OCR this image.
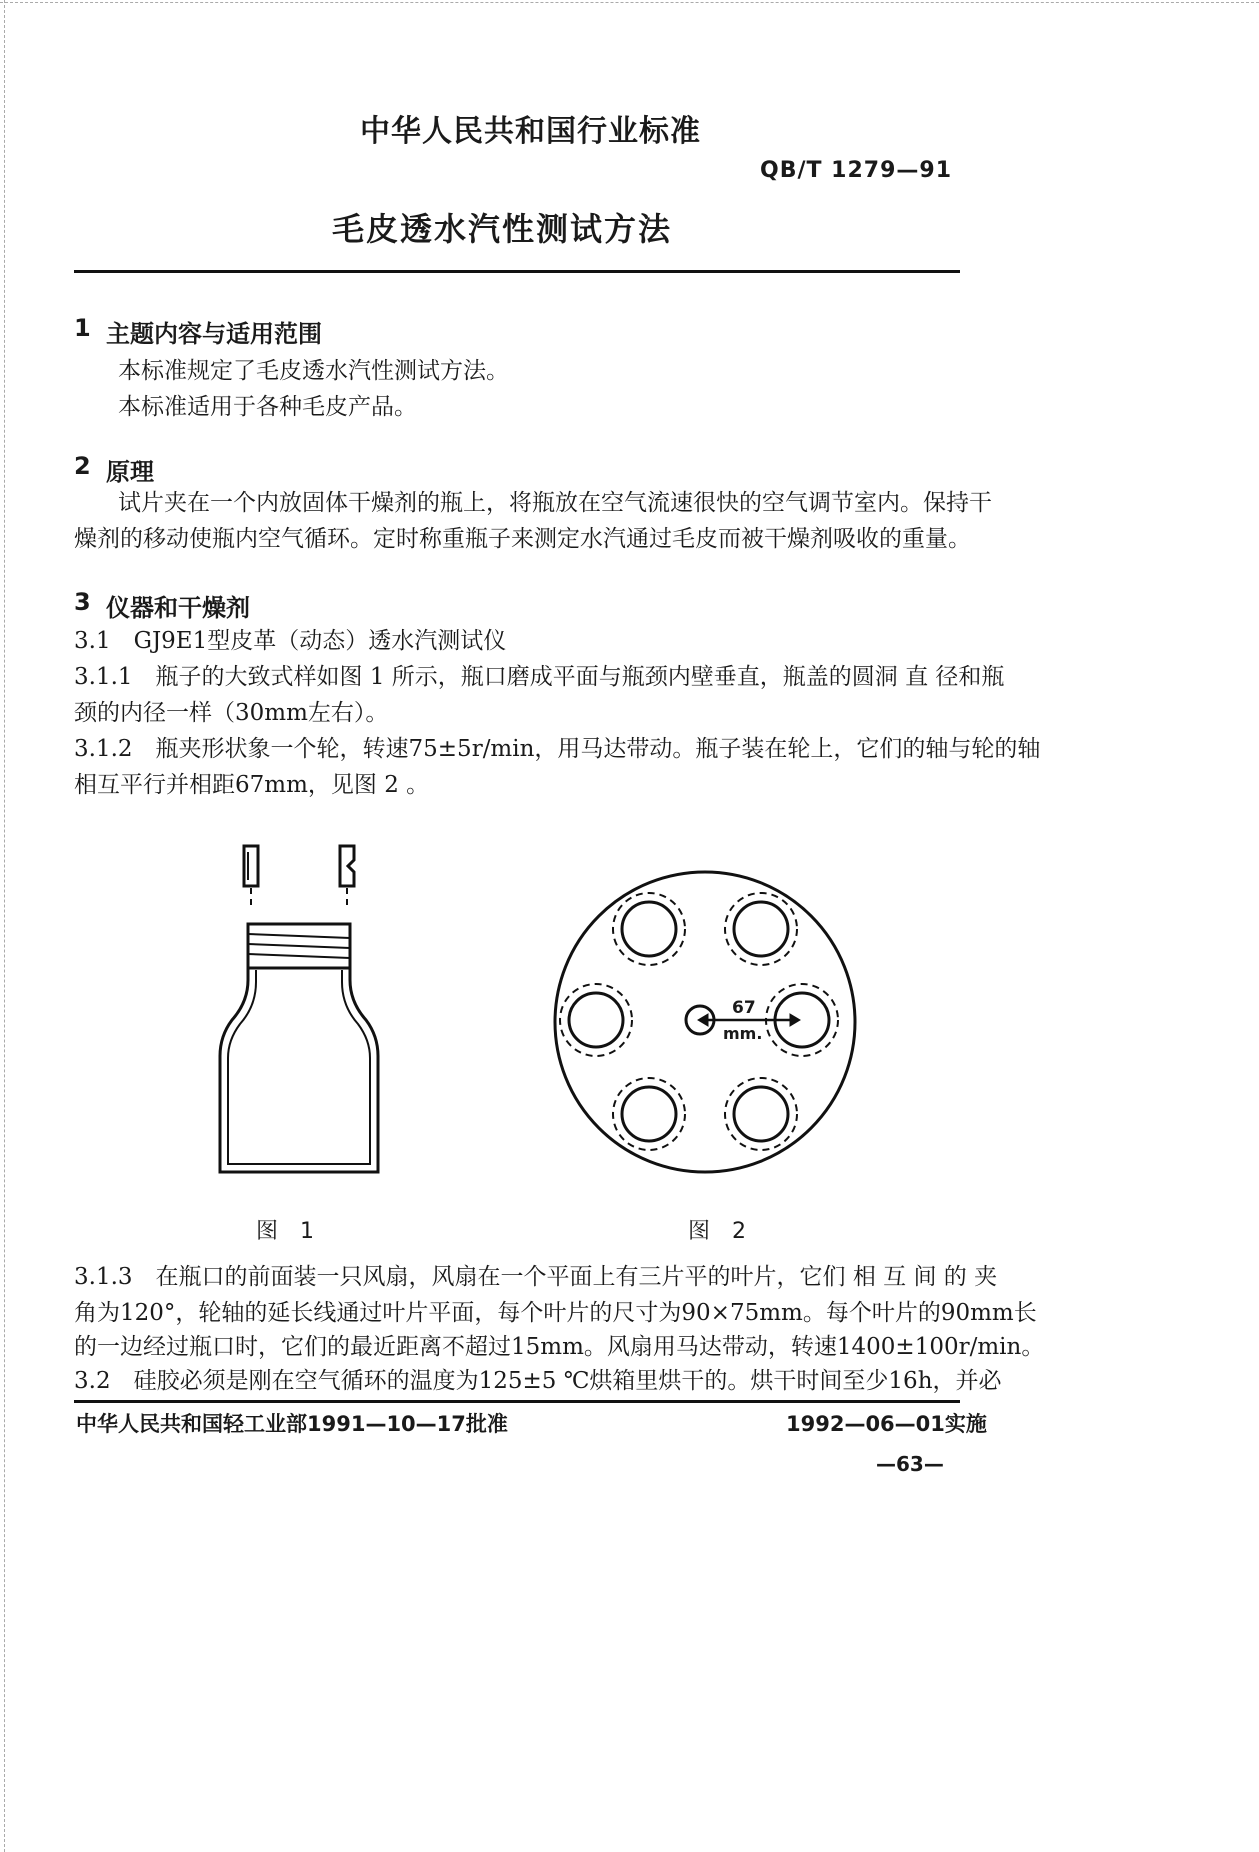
中华人民共和国行业标准
QB/T 1279—91
毛皮透水汽性测试方法
1 主题内容与适用范围
本标准规定了毛皮透水汽性测试方法。
本标准适用于各种毛皮产品。
2 原理
试片夹在一个内放固体干燥剂的瓶上，将瓶放在空气流速很快的空气调节室内。保持干
燥剂的移动使瓶内空气循环。定时称重瓶子来测定水汽通过毛皮而被干燥剂吸收的重量。
3 仪器和干燥剂
3.1　GJ9E1型皮革（动态）透水汽测试仪
3.1.1　瓶子的大致式样如图 1 所示，瓶口磨成平面与瓶颈内壁垂直，瓶盖的圆洞 直 径和瓶
颈的内径一样（30mm左右）。
3.1.2　瓶夹形状象一个轮，转速75±5r/min，用马达带动。瓶子装在轮上，它们的轴与轮的轴
相互平行并相距67mm，见图 2 。
67
mm.
图　1	图　2
3.1.3　在瓶口的前面装一只风扇，风扇在一个平面上有三片平的叶片，它们 相 互 间 的 夹
角为120°，轮轴的延长线通过叶片平面，每个叶片的尺寸为90×75mm。每个叶片的90mm长
的一边经过瓶口时，它们的最近距离不超过15mm。风扇用马达带动，转速1400±100r/min。
3.2　硅胶必须是刚在空气循环的温度为125±5 ℃烘箱里烘干的。烘干时间至少16h，并必
中华人民共和国轻工业部1991—10—17批准	1992—06—01实施
—63—
